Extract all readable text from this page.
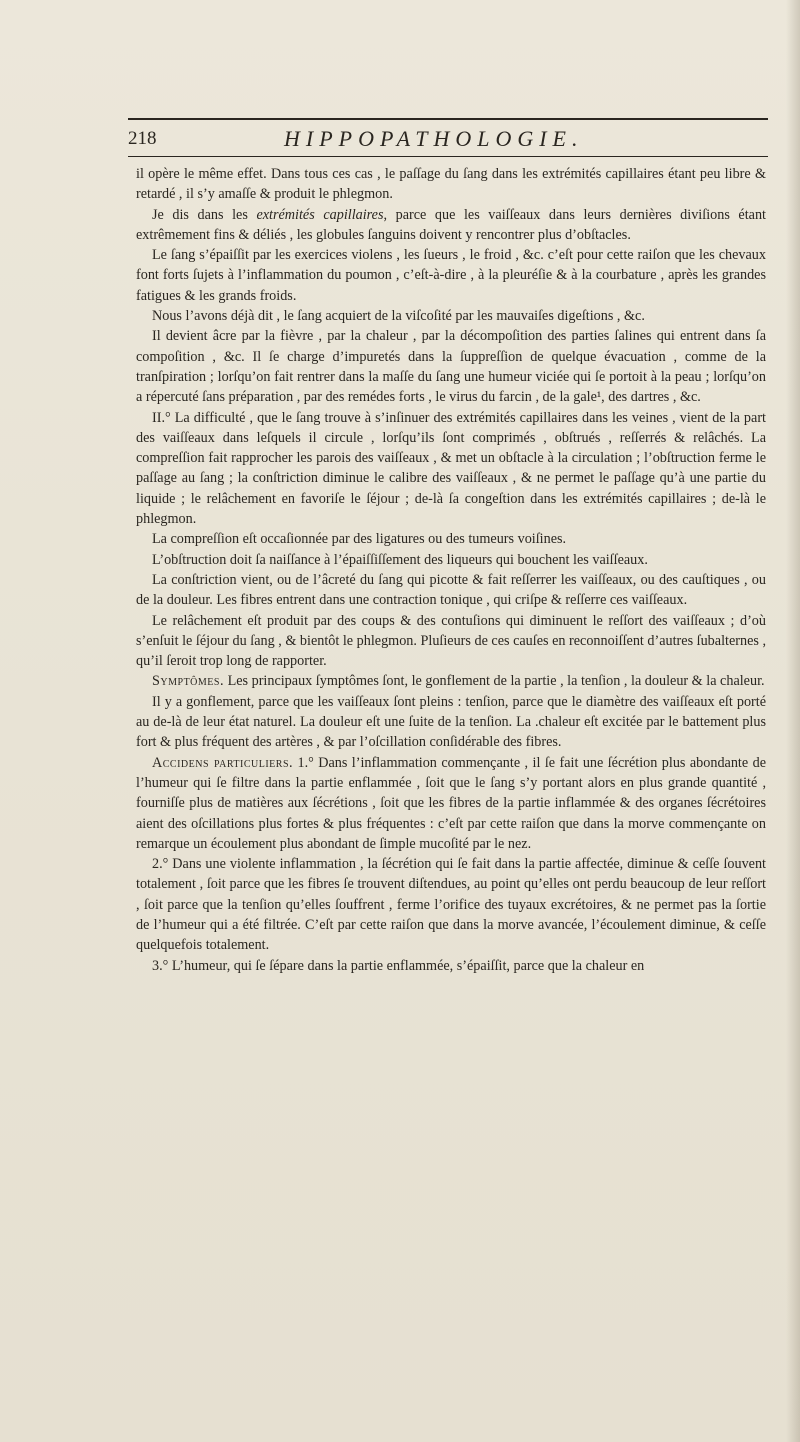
218	HIPPOPATHOLOGIE.

il opère le même effet. Dans tous ces cas , le paſſage du ſang dans les extrémités capillaires étant peu libre & retardé , il s’y amaſſe & produit le phlegmon.

Je dis dans les extrémités capillaires, parce que les vaiſſeaux dans leurs dernières diviſions étant extrêmement fins & déliés , les globules ſanguins doivent y rencontrer plus d’obſtacles.

Le ſang s’épaiſſit par les exercices violens , les ſueurs , le froid , &c. c’eſt pour cette raiſon que les chevaux font forts ſujets à l’inflammation du poumon , c’eſt-à-dire , à la pleuréſie & à la courbature , après les grandes fatigues & les grands froids.

Nous l’avons déjà dit , le ſang acquiert de la viſcoſité par les mauvaiſes digeſtions , &c.

Il devient âcre par la fièvre , par la chaleur , par la décompoſition des parties ſalines qui entrent dans ſa compoſition , &c. Il ſe charge d’impuretés dans la ſuppreſſion de quelque évacuation , comme de la tranſpiration ; lorſqu’on fait rentrer dans la maſſe du ſang une humeur viciée qui ſe portoit à la peau ; lorſqu’on a répercuté ſans préparation , par des remédes forts , le virus du farcin , de la gale¹, des dartres , &c.

II.° La difficulté , que le ſang trouve à s’inſinuer des extrémités capillaires dans les veines , vient de la part des vaiſſeaux dans leſquels il circule , lorſqu’ils ſont comprimés , obſtrués , reſſerrés & relâchés. La compreſſion fait rapprocher les parois des vaiſſeaux , & met un obſtacle à la circulation ; l’obſtruction ferme le paſſage au ſang ; la conſtriction diminue le calibre des vaiſſeaux , & ne permet le paſſage qu’à une partie du liquide ; le relâchement en favoriſe le ſéjour ; de-là ſa congeſtion dans les extrémités capillaires ; de-là le phlegmon.

La compreſſion eſt occaſionnée par des ligatures ou des tumeurs voiſines.

L’obſtruction doit ſa naiſſance à l’épaiſſiſſement des liqueurs qui bouchent les vaiſſeaux.

La conſtriction vient, ou de l’âcreté du ſang qui picotte & fait reſſerrer les vaiſſeaux, ou des cauſtiques , ou de la douleur. Les fibres entrent dans une contraction tonique , qui criſpe & reſſerre ces vaiſſeaux.

Le relâchement eſt produit par des coups & des contuſions qui diminuent le reſſort des vaiſſeaux ; d’où s’enſuit le ſéjour du ſang , & bientôt le phlegmon. Pluſieurs de ces cauſes en reconnoiſſent d’autres ſubalternes , qu’il ſeroit trop long de rapporter.

Symptômes. Les principaux ſymptômes ſont, le gonflement de la partie , la tenſion , la douleur & la chaleur.

Il y a gonflement, parce que les vaiſſeaux ſont pleins : tenſion, parce que le diamètre des vaiſſeaux eſt porté au de-là de leur état naturel. La douleur eſt une ſuite de la tenſion. La .chaleur eſt excitée par le battement plus fort & plus fréquent des artères , & par l’oſcillation conſidérable des fibres.

Accidens particuliers. 1.° Dans l’inflammation commençante , il ſe fait une ſécrétion plus abondante de l’humeur qui ſe filtre dans la partie enflammée , ſoit que le ſang s’y portant alors en plus grande quantité , fourniſſe plus de matières aux ſécrétions , ſoit que les fibres de la partie inflammée & des organes ſécrétoires aient des oſcillations plus fortes & plus fréquentes : c’eſt par cette raiſon que dans la morve commençante on remarque un écoulement plus abondant de ſimple mucoſité par le nez.

2.° Dans une violente inflammation , la ſécrétion qui ſe fait dans la partie affectée, diminue & ceſſe ſouvent totalement , ſoit parce que les fibres ſe trouvent diſtendues, au point qu’elles ont perdu beaucoup de leur reſſort , ſoit parce que la tenſion qu’elles ſouffrent , ferme l’orifice des tuyaux excrétoires, & ne permet pas la ſortie de l’humeur qui a été filtrée. C’eſt par cette raiſon que dans la morve avancée, l’écoulement diminue, & ceſſe quelquefois totalement.

3.° L’humeur, qui ſe ſépare dans la partie enflammée, s’épaiſſit, parce que la chaleur en
